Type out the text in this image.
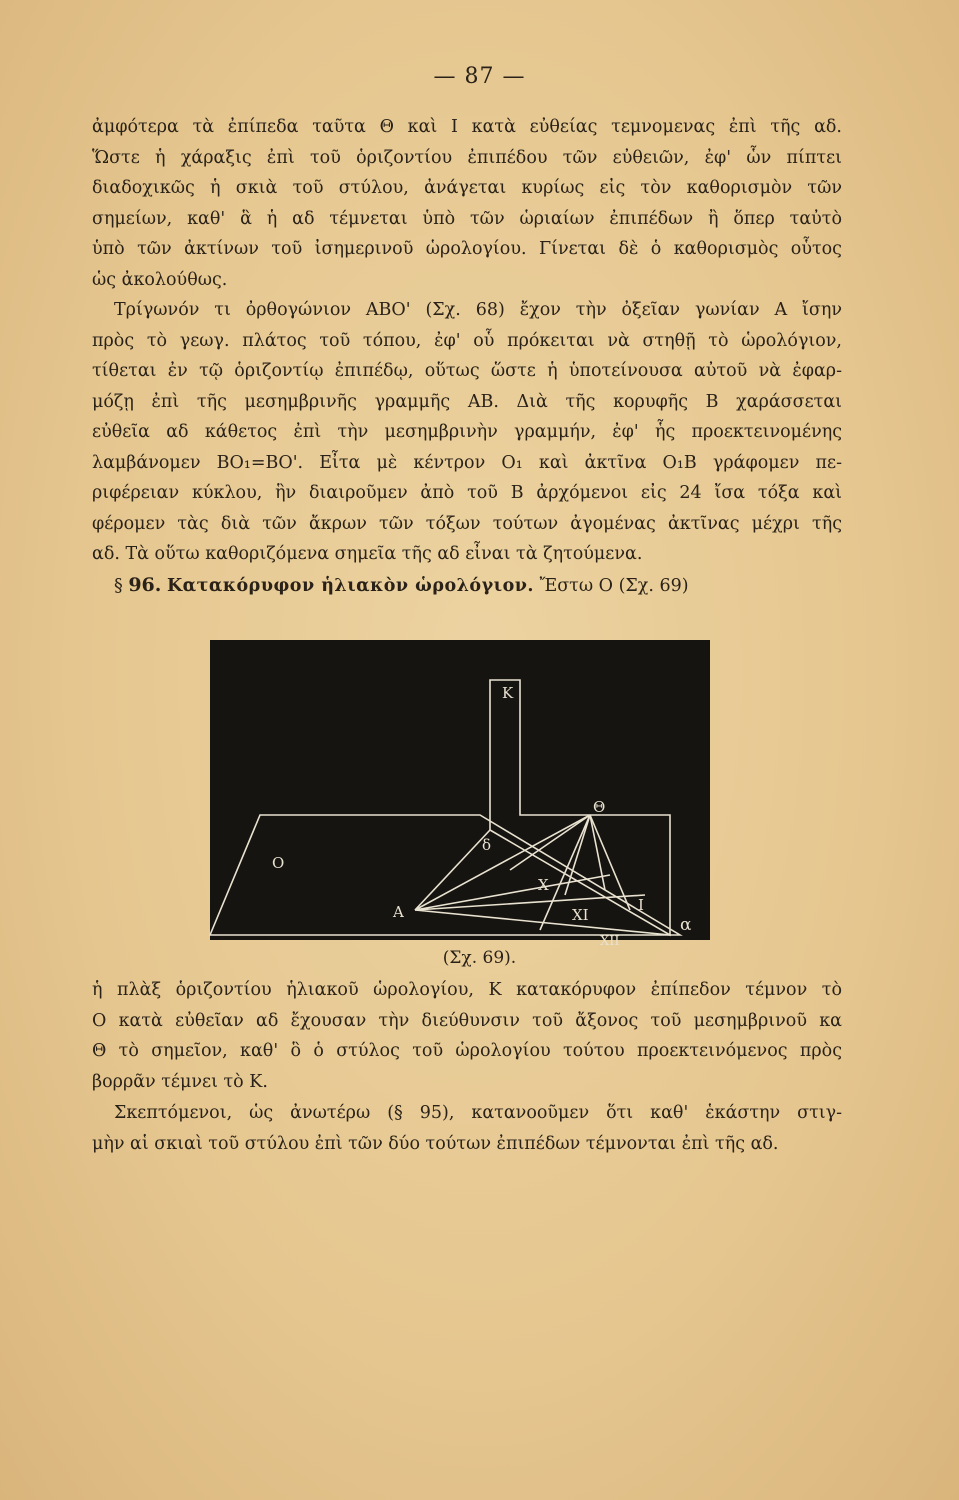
— 87 —
ἀμφότερα τὰ ἐπίπεδα ταῦτα Θ καὶ Ι κατὰ εὐθείας τεμνομενας ἐπὶ τῆς αδ.
Ὥστε ἡ χάραξις ἐπὶ τοῦ ὁριζοντίου ἐπιπέδου τῶν εὐθειῶν, ἐφ' ὧν πίπτει
διαδοχικῶς ἡ σκιὰ τοῦ στύλου, ἀνάγεται κυρίως εἰς τὸν καθορισμὸν τῶν
σημείων, καθ' ἃ ἡ αδ τέμνεται ὑπὸ τῶν ὡριαίων ἐπιπέδων ἢ ὅπερ ταὐτὸ
ὑπὸ τῶν ἀκτίνων τοῦ ἰσημερινοῦ ὡρολογίου. Γίνεται δὲ ὁ καθορισμὸς οὗτος
ὡς ἀκολούθως.
Τρίγωνόν τι ὀρθογώνιον ΑΒΟ' (Σχ. 68) ἔχον τὴν ὀξεῖαν γωνίαν Α ἴσην
πρὸς τὸ γεωγ. πλάτος τοῦ τόπου, ἐφ' οὗ πρόκειται νὰ στηθῇ τὸ ὡρολόγιον,
τίθεται ἐν τῷ ὁριζοντίῳ ἐπιπέδῳ, οὕτως ὥστε ἡ ὑποτείνουσα αὐτοῦ νὰ ἐφαρ-
μόζῃ ἐπὶ τῆς μεσημβρινῆς γραμμῆς ΑΒ. Διὰ τῆς κορυφῆς Β χαράσσεται
εὐθεῖα αδ κάθετος ἐπὶ τὴν μεσημβρινὴν γραμμήν, ἐφ' ἧς προεκτεινομένης
λαμβάνομεν ΒΟ₁=ΒΟ'. Εἶτα μὲ κέντρον Ο₁ καὶ ἀκτῖνα Ο₁Β γράφομεν πε-
ριφέρειαν κύκλου, ἣν διαιροῦμεν ἀπὸ τοῦ Β ἀρχόμενοι εἰς 24 ἴσα τόξα καὶ
φέρομεν τὰς διὰ τῶν ἄκρων τῶν τόξων τούτων ἀγομένας ἀκτῖνας μέχρι τῆς
αδ. Τὰ οὕτω καθοριζόμενα σημεῖα τῆς αδ εἶναι τὰ ζητούμενα.
§ 96. Κατακόρυφον ἡλιακὸν ὡρολόγιον. Ἔστω Ο (Σχ. 69)
K
Θ
δ
O
A
X
XI
XII
I
α
(Σχ. 69).
ἡ πλὰξ ὁριζοντίου ἡλιακοῦ ὡρολογίου, Κ κατακόρυφον ἐπίπεδον τέμνον τὸ
Ο κατὰ εὐθεῖαν αδ ἔχουσαν τὴν διεύθυνσιν τοῦ ἄξονος τοῦ μεσημβρινοῦ κα
Θ τὸ σημεῖον, καθ' ὃ ὁ στύλος τοῦ ὡρολογίου τούτου προεκτεινόμενος πρὸς
βορρᾶν τέμνει τὸ Κ.
Σκεπτόμενοι, ὡς ἀνωτέρω (§ 95), κατανοοῦμεν ὅτι καθ' ἑκάστην στιγ-
μὴν αἱ σκιαὶ τοῦ στύλου ἐπὶ τῶν δύο τούτων ἐπιπέδων τέμνονται ἐπὶ τῆς αδ.
